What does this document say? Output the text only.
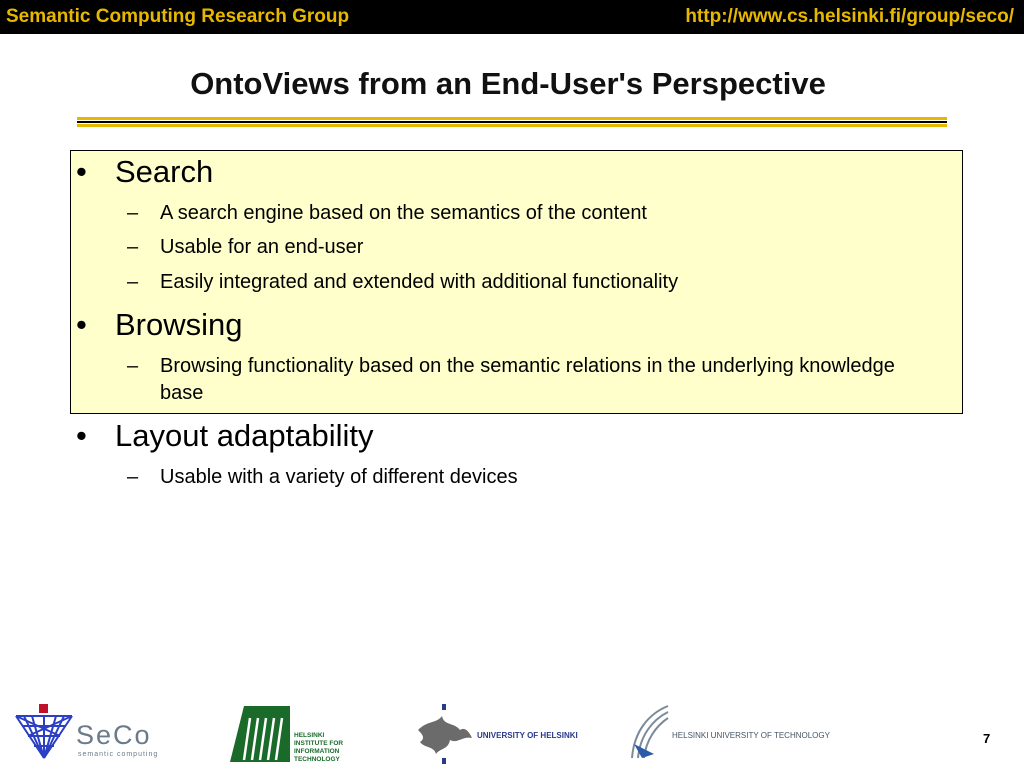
Semantic Computing Research Group	http://www.cs.helsinki.fi/group/seco/
OntoViews from an End-User's Perspective
• Search
– A search engine based on the semantics of the content
– Usable for an end-user
– Easily integrated and extended with additional functionality
• Browsing
– Browsing functionality based on the semantic relations in the underlying knowledge base
• Layout adaptability
– Usable with a variety of different devices
SeCo
semantic computing
HELSINKI
INSTITUTE FOR
INFORMATION
TECHNOLOGY
UNIVERSITY OF HELSINKI	HELSINKI UNIVERSITY OF TECHNOLOGY	7
